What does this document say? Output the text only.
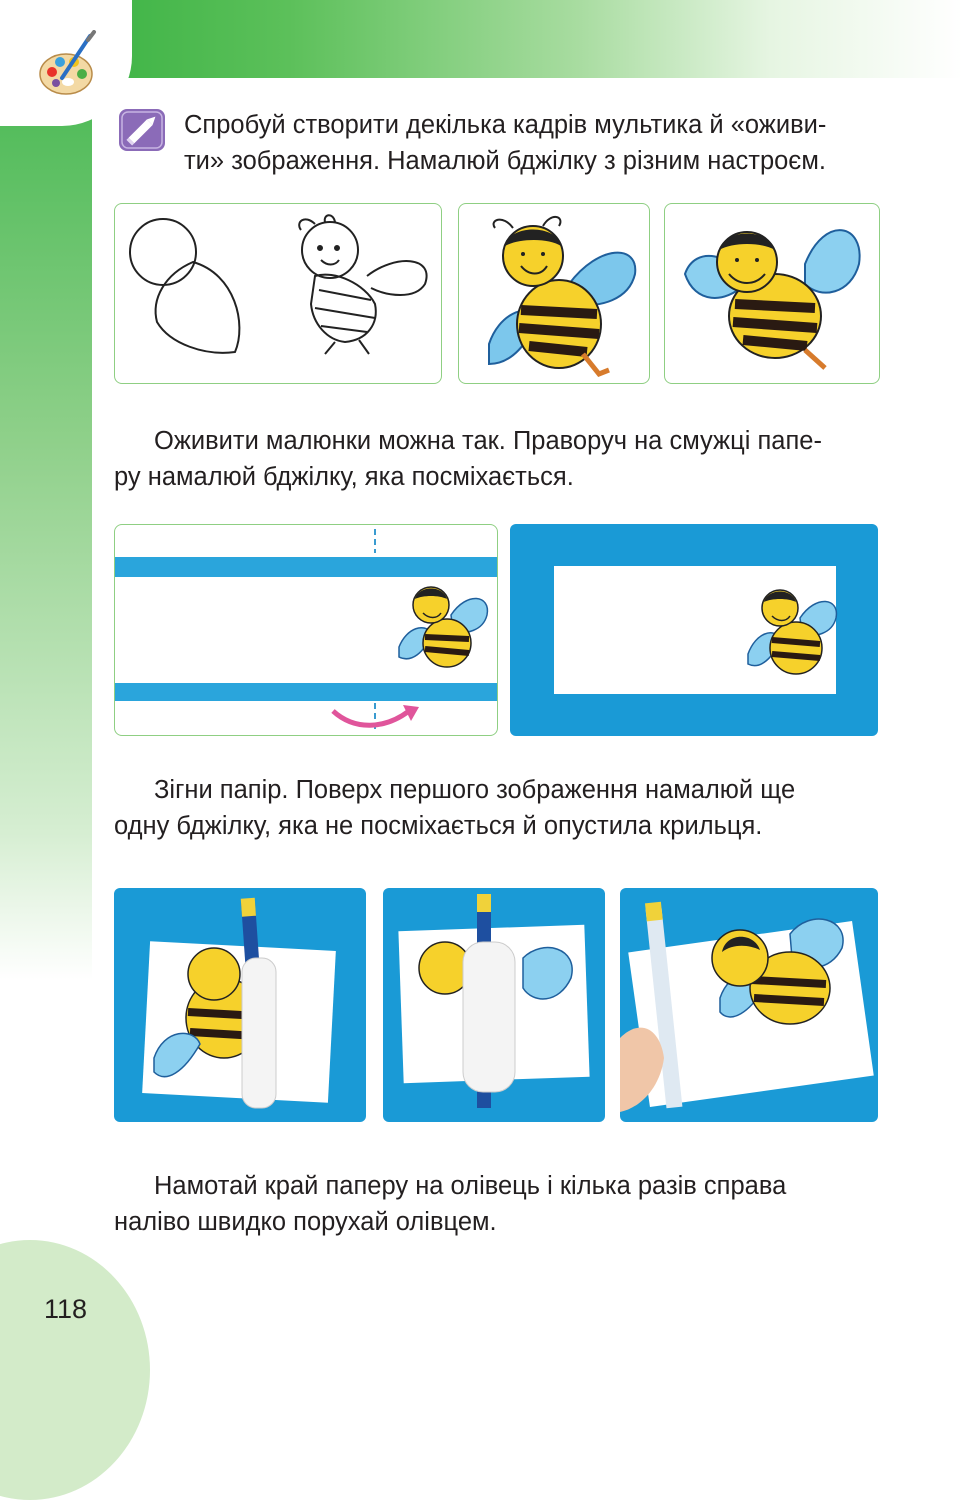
Спробуй створити декілька кадрів мультика й «оживи-
ти» зображення. Намалюй бджілку з різним настроєм.

Оживити малюнки можна так. Праворуч на смужці папе-
ру намалюй бджілку, яка посміхається.

Зігни папір. Поверх першого зображення намалюй ще
одну бджілку, яка не посміхається й опустила крильця.

Намотай край паперу на олівець і кілька разів справа
наліво швидко порухай олівцем.

118
